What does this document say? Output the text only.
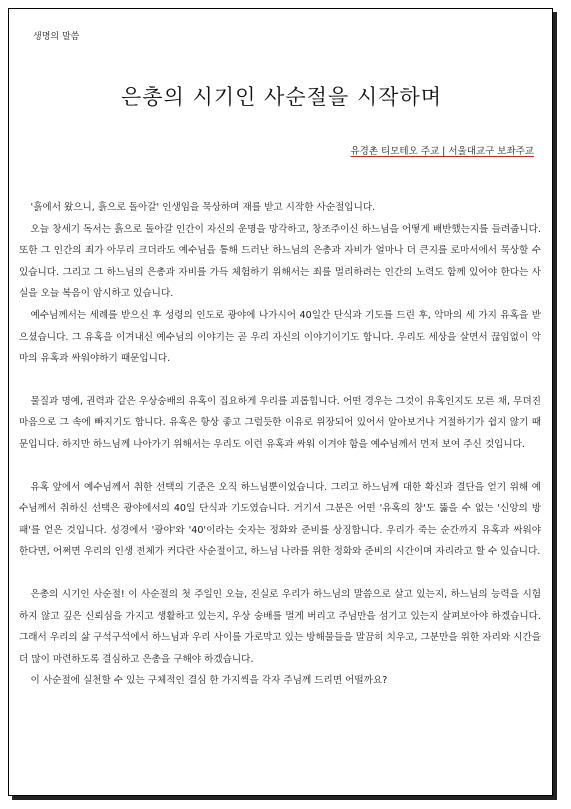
생명의 말씀
은총의 시기인 사순절을 시작하며
유경촌 티모테오 주교 | 서울대교구 보좌주교

'흙에서 왔으니, 흙으로 돌아갈' 인생임을 묵상하며 재를 받고 시작한 사순절입니다.

오늘 창세기 독서는 흙으로 돌아갈 인간이 자신의 운명을 망각하고, 창조주이신 하느님을 어떻게 배반했는지를 들려줍니다. 또한 그 인간의 죄가 아무리 크더라도 예수님을 통해 드러난 하느님의 은총과 자비가 얼마나 더 큰지를 로마서에서 묵상할 수 있습니다. 그리고 그 하느님의 은총과 자비를 가득 체험하기 위해서는 죄를 멀리하려는 인간의 노력도 함께 있어야 한다는 사실을 오늘 복음이 암시하고 있습니다.

예수님께서는 세례를 받으신 후 성령의 인도로 광야에 나가시어 40일간 단식과 기도를 드린 후, 악마의 세 가지 유혹을 받으셨습니다. 그 유혹을 이겨내신 예수님의 이야기는 곧 우리 자신의 이야기이기도 합니다. 우리도 세상을 살면서 끊임없이 악마의 유혹과 싸워야하기 때문입니다.

물질과 명예, 권력과 같은 우상숭배의 유혹이 집요하게 우리를 괴롭힙니다. 어떤 경우는 그것이 유혹인지도 모른 채, 무뎌진 마음으로 그 속에 빠지기도 합니다. 유혹은 항상 좋고 그럴듯한 이유로 위장되어 있어서 알아보거나 거절하기가 쉽지 않기 때문입니다. 하지만 하느님께 나아가기 위해서는 우리도 이런 유혹과 싸워 이겨야 함을 예수님께서 먼저 보여 주신 것입니다.

유혹 앞에서 예수님께서 취한 선택의 기준은 오직 하느님뿐이었습니다. 그리고 하느님께 대한 확신과 결단을 얻기 위해 예수님께서 취하신 선택은 광야에서의 40일 단식과 기도였습니다. 거기서 그분은 어떤 '유혹의 창'도 뚫을 수 없는 '신앙의 방패'를 얻은 것입니다. 성경에서 '광야'와 '40'이라는 숫자는 정화와 준비를 상징합니다. 우리가 죽는 순간까지 유혹과 싸워야 한다면, 어쩌면 우리의 인생 전체가 커다란 사순절이고, 하느님 나라를 위한 정화와 준비의 시간이며 자리라고 할 수 있습니다.

은총의 시기인 사순절! 이 사순절의 첫 주일인 오늘, 진실로 우리가 하느님의 말씀으로 살고 있는지, 하느님의 능력을 시험하지 않고 깊은 신뢰심을 가지고 생활하고 있는지, 우상 숭배를 멀게 버리고 주님만을 섬기고 있는지 살펴보아야 하겠습니다. 그래서 우리의 삶 구석구석에서 하느님과 우리 사이를 가로막고 있는 방해물들을 말끔히 치우고, 그분만을 위한 자리와 시간을 더 많이 마련하도록 결심하고 은총을 구해야 하겠습니다.

이 사순절에 실천할 수 있는 구체적인 결심 한 가지씩을 각자 주님께 드리면 어떨까요?
